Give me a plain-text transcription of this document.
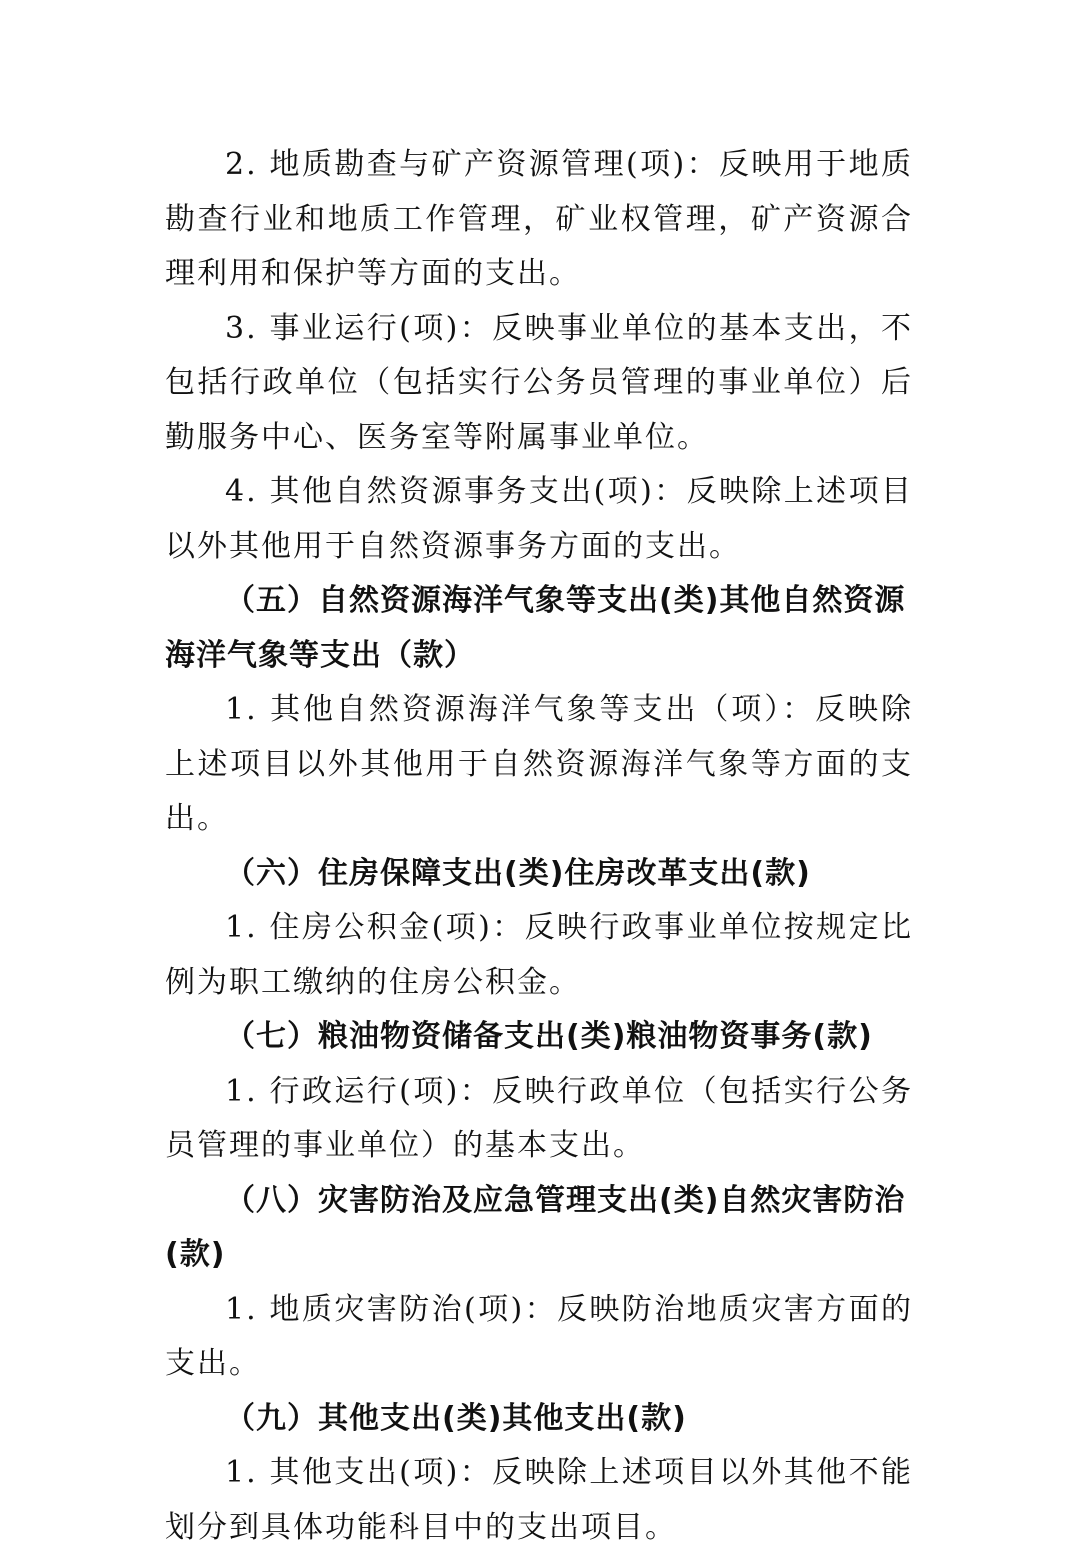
2. 地质勘查与矿产资源管理(项)：反映用于地质勘查行业和地质工作管理，矿业权管理，矿产资源合理利用和保护等方面的支出。

3. 事业运行(项)：反映事业单位的基本支出，不包括行政单位（包括实行公务员管理的事业单位）后勤服务中心、医务室等附属事业单位。

4. 其他自然资源事务支出(项)：反映除上述项目以外其他用于自然资源事务方面的支出。

（五）自然资源海洋气象等支出(类)其他自然资源海洋气象等支出（款）

1. 其他自然资源海洋气象等支出（项）：反映除上述项目以外其他用于自然资源海洋气象等方面的支出。

（六）住房保障支出(类)住房改革支出(款)

1. 住房公积金(项)：反映行政事业单位按规定比例为职工缴纳的住房公积金。

（七）粮油物资储备支出(类)粮油物资事务(款)

1. 行政运行(项)：反映行政单位（包括实行公务员管理的事业单位）的基本支出。

（八）灾害防治及应急管理支出(类)自然灾害防治(款)

1. 地质灾害防治(项)：反映防治地质灾害方面的支出。

（九）其他支出(类)其他支出(款)

1. 其他支出(项)：反映除上述项目以外其他不能划分到具体功能科目中的支出项目。
